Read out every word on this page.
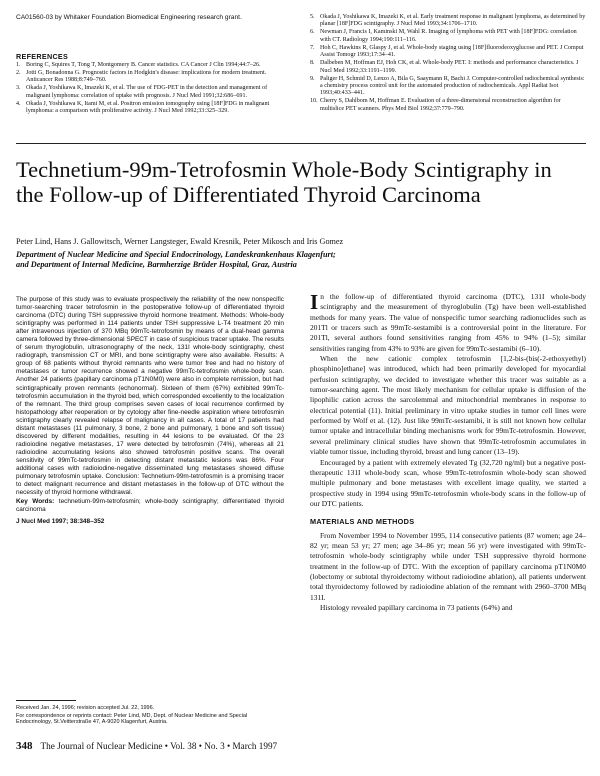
CA01560-03 by Whitaker Foundation Biomedical Engineering research grant.
REFERENCES
1. Boring C, Squires T, Tong T, Montgomery B. Cancer statistics. CA Cancer J Clin 1994;44:7–26.
2. Jotti G, Bonadonna G. Prognostic factors in Hodgkin's disease: implications for modern treatment. Anticancer Res 1988;8:749–760.
3. Okada J, Yoshikawa K, Imazeki K, et al. The use of FDG-PET in the detection and management of malignant lymphoma: correlation of uptake with prognosis. J Nucl Med 1991;32:686–691.
4. Okada J, Yoshikawa K, Itami M, et al. Positron emission tomography using [18F]FDG in malignant lymphoma: a comparison with proliferative activity. J Nucl Med 1992;33:325–329.
5. Okada J, Yoshikawa K, Imazeki K, et al. Early treatment response in malignant lymphoma, as determined by planar [18F]FDG scintigraphy. J Nucl Med 1993;34:1706–1710.
6. Newman J, Francis I, Kaminski M, Wahl R. Imaging of lymphoma with PET with [18F]FDG: correlation with CT. Radiology 1994;190:111–116.
7. Hoh C, Hawkins R, Glaspy J, et al. Whole-body staging using [18F]fluorodeoxyglucose and PET. J Comput Assist Tomogr 1993;17:34–41.
8. Dalbeben M, Hoffman EJ, Hoh CK, et al. Whole-body PET. I: methods and performance characteristics. J Nucl Med 1992;33:1191–1199.
9. Paliger H, Schmid D, Lenzo A, Bila G, Saaymann R, Bachi J. Computer-controlled radiochemical synthesis: a chemistry process control unit for the automated production of radiochemicals. Appl Radiat Isot 1993;40:433–441.
10. Cherry S, Dahlbom M, Hoffman E. Evaluation of a three-dimensional reconstruction algorithm for multislice PET scanners. Phys Med Biol 1992;37:779–790.
Technetium-99m-Tetrofosmin Whole-Body Scintigraphy in the Follow-up of Differentiated Thyroid Carcinoma
Peter Lind, Hans J. Gallowitsch, Werner Langsteger, Ewald Kresnik, Peter Mikosch and Iris Gomez
Department of Nuclear Medicine and Special Endocrinology, Landeskrankenhaus Klagenfurt;
and Department of Internal Medicine, Barmherzige Brüder Hospital, Graz, Austria

The purpose of this study was to evaluate prospectively the reliability of the new nonspecific tumor-searching tracer tetrofosmin in the postoperative follow-up of differentiated thyroid carcinoma (DTC) during TSH suppressive thyroid hormone treatment. Methods: Whole-body scintigraphy was performed in 114 patients under TSH suppressive L-T4 treatment 20 min after intravenous injection of 370 MBq 99mTc-tetrofosmin by means of a dual-head gamma camera followed by three-dimensional SPECT in case of suspicious tracer uptake. The results of serum thyroglobulin, ultrasonography of the neck, 131I whole-body scintigraphy, chest radiograph, transmission CT or MRI, and bone scintigraphy were also available. Results: A group of 68 patients without thyroid remnants who were tumor free and had no history of metastases or tumor recurrence showed a negative 99mTc-tetrofosmin whole-body scan. Another 24 patients (papillary carcinoma pT1N0M0) were also in complete remission, but had scintigraphically proven remnants (echonormal). Sixteen of them (67%) exhibited 99mTc-tetrofosmin accumulation in the thyroid bed, which corresponded excellently to the localization of the remnant. The third group comprises seven cases of local recurrence confirmed by histopathology after reoperation or by cytology after fine-needle aspiration where tetrofosmin scintigraphy clearly revealed relapse of malignancy in all cases. A total of 17 patients had distant metastases (11 pulmonary, 3 bone, 2 bone and pulmonary, 1 bone and soft tissue) discovered by different modalities, resulting in 44 lesions to be evaluated. Of the 23 radioiodine negative metastases, 17 were detected by tetrofosmin (74%), whereas all 21 radioiodine accumulating lesions also showed tetrofosmin positive scans. The overall sensitivity of 99mTc-tetrofosmin in detecting distant metastatic lesions was 86%. Four additional cases with radioiodine-negative disseminated lung metastases showed diffuse pulmonary tetrofosmin uptake. Conclusion: Technetium-99m-tetrofosmin is a promising tracer to detect malignant recurrence and distant metastases in the follow-up of DTC without the necessity of thyroid hormone withdrawal.

Key Words: technetium-99m-tetrofosmin; whole-body scintigraphy; differentiated thyroid carcinoma

J Nucl Med 1997; 38:348–352

Received Jan. 24, 1996; revision accepted Jul. 22, 1996.

For correspondence or reprints contact: Peter Lind, MD, Dept. of Nuclear Medicine and Special Endocrinology, St.Veitterstraße 47, A-9020 Klagenfurt, Austria.

In the follow-up of differentiated thyroid carcinoma (DTC), 131I whole-body scintigraphy and the measurement of thyroglobulin (Tg) have been well-established methods for many years. The value of nonspecific tumor searching radionuclides such as 201Tl or tracers such as 99mTc-sestamibi is a controversial point in the literature. For 201Tl, several authors found sensitivities ranging from 45% to 94% (1–5); similar sensitivities ranging from 43% to 93% are given for 99mTc-sestamibi (6–10).

When the new cationic complex tetrofosmin [1,2-bis-(bis(-2-ethoxyethyl) phosphino]ethane] was introduced, which had been primarily developed for myocardial perfusion scintigraphy, we decided to investigate whether this tracer was suitable as a tumor-searching agent. The most likely mechanism for cellular uptake is diffusion of the lipophilic cation across the sarcolemmal and mitochondrial membranes in response to electrical potential (11). Initial preliminary in vitro uptake studies in tumor cell lines were performed by Wolf et al. (12). Just like 99mTc-sestamibi, it is still not known how cellular tumor uptake and intracellular binding mechanisms work for 99mTc-tetrofosmin. However, several preliminary clinical studies have shown that 99mTc-tetrofosmin accumulates in viable tumor tissue, including thyroid, breast and lung cancer (13–19).

Encouraged by a patient with extremely elevated Tg (32,720 ng/ml) but a negative post-therapeutic 131I whole-body scan, whose 99mTc-tetrofosmin whole-body scan showed multiple pulmonary and bone metastases with excellent image quality, we started a prospective study in 1994 using 99mTc-tetrofosmin whole-body scans in the follow-up of our DTC patients.

MATERIALS AND METHODS

From November 1994 to November 1995, 114 consecutive patients (87 women; age 24–82 yr; mean 53 yr; 27 men; age 34–86 yr; mean 56 yr) were investigated with 99mTc-tetrofosmin whole-body scintigraphy while under TSH suppressive thyroid hormone treatment in the follow-up of DTC. With the exception of papillary carcinoma pT1N0M0 (lobectomy or subtotal thyroidectomy without radioiodine ablation), all patients underwent total thyroidectomy followed by radioiodine ablation of the remnant with 2960–3700 MBq 131I.

Histology revealed papillary carcinoma in 73 patients (64%) and

348 The Journal of Nuclear Medicine • Vol. 38 • No. 3 • March 1997
